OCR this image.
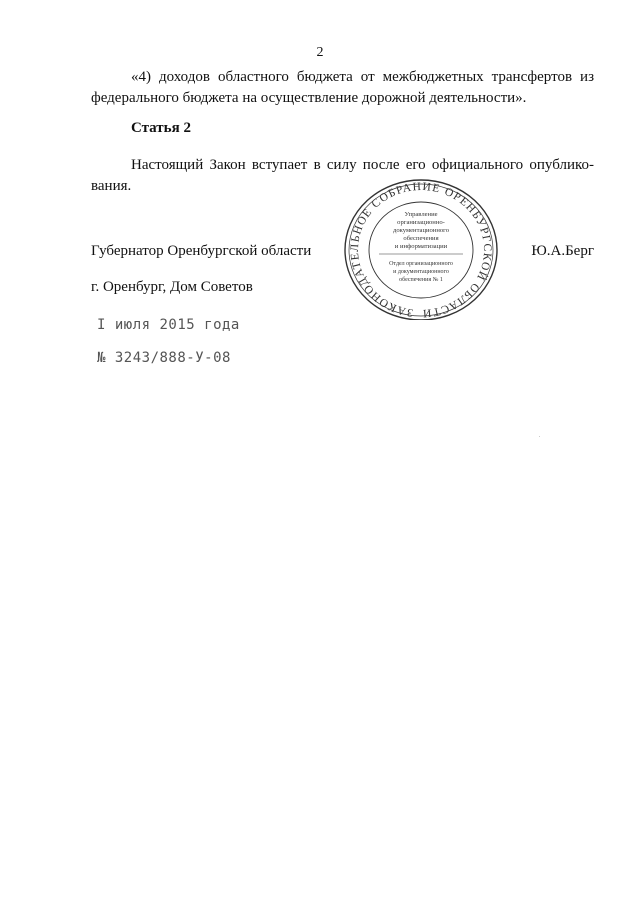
2

«4) доходов областного бюджета от межбюджетных трансфертов из федерального бюджета на осуществление дорожной деятельности».

Статья 2

Настоящий Закон вступает в силу после его официального опублико-вания.

Губернатор Оренбургской области	Ю.А.Берг
г. Оренбург, Дом Советов
I июля 2015 года
№ 3243/888-У-08
ЗАКОНОДАТЕЛЬНОЕ СОБРАНИЕ ОРЕНБУРГСКОЙ ОБЛАСТИ
Управление
организационно-
документационного
обеспечения
и информатизации
Отдел организационного
и документационного
обеспечения № 1
